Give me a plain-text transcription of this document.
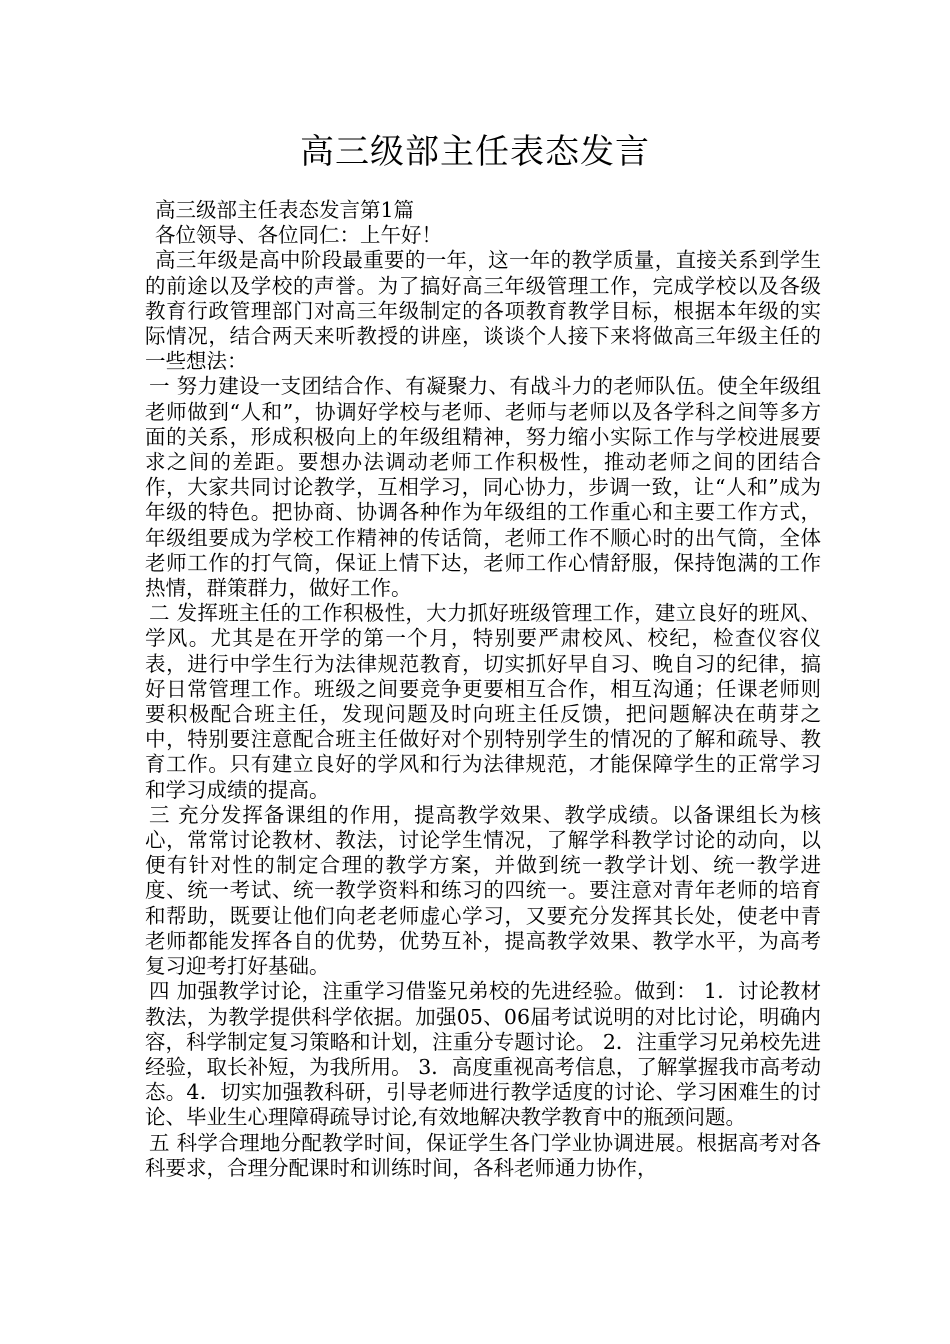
高三级部主任表态发言

高三级部主任表态发言第1篇

各位领导、各位同仁：上午好！

高三年级是高中阶段最重要的一年，这一年的教学质量，直接关系到学生的前途以及学校的声誉。为了搞好高三年级管理工作，完成学校以及各级教育行政管理部门对高三年级制定的各项教育教学目标，根据本年级的实际情况，结合两天来听教授的讲座，谈谈个人接下来将做高三年级主任的一些想法：

一 努力建设一支团结合作、有凝聚力、有战斗力的老师队伍。使全年级组老师做到“人和”，协调好学校与老师、老师与老师以及各学科之间等多方面的关系，形成积极向上的年级组精神，努力缩小实际工作与学校进展要求之间的差距。要想办法调动老师工作积极性，推动老师之间的团结合作，大家共同讨论教学，互相学习，同心协力，步调一致，让“人和”成为年级的特色。把协商、协调各种作为年级组的工作重心和主要工作方式，年级组要成为学校工作精神的传话筒，老师工作不顺心时的出气筒，全体老师工作的打气筒，保证上情下达，老师工作心情舒服，保持饱满的工作热情，群策群力，做好工作。

二 发挥班主任的工作积极性，大力抓好班级管理工作，建立良好的班风、学风。尤其是在开学的第一个月，特别要严肃校风、校纪，检查仪容仪表，进行中学生行为法律规范教育，切实抓好早自习、晚自习的纪律，搞好日常管理工作。班级之间要竞争更要相互合作，相互沟通；任课老师则要积极配合班主任，发现问题及时向班主任反馈，把问题解决在萌芽之中，特别要注意配合班主任做好对个别特别学生的情况的了解和疏导、教育工作。只有建立良好的学风和行为法律规范，才能保障学生的正常学习和学习成绩的提高。

三 充分发挥备课组的作用，提高教学效果、教学成绩。以备课组长为核心，常常讨论教材、教法，讨论学生情况，了解学科教学讨论的动向，以便有针对性的制定合理的教学方案，并做到统一教学计划、统一教学进度、统一考试、统一教学资料和练习的四统一。要注意对青年老师的培育和帮助，既要让他们向老老师虚心学习，又要充分发挥其长处，使老中青老师都能发挥各自的优势，优势互补，提高教学效果、教学水平，为高考复习迎考打好基础。

四 加强教学讨论，注重学习借鉴兄弟校的先进经验。做到： 1．讨论教材教法，为教学提供科学依据。加强05、06届考试说明的对比讨论，明确内容，科学制定复习策略和计划，注重分专题讨论。 2．注重学习兄弟校先进经验，取长补短，为我所用。 3．高度重视高考信息，了解掌握我市高考动态。4．切实加强教科研，引导老师进行教学适度的讨论、学习困难生的讨论、毕业生心理障碍疏导讨论,有效地解决教学教育中的瓶颈问题。

五 科学合理地分配教学时间，保证学生各门学业协调进展。根据高考对各科要求，合理分配课时和训练时间，各科老师通力协作，
